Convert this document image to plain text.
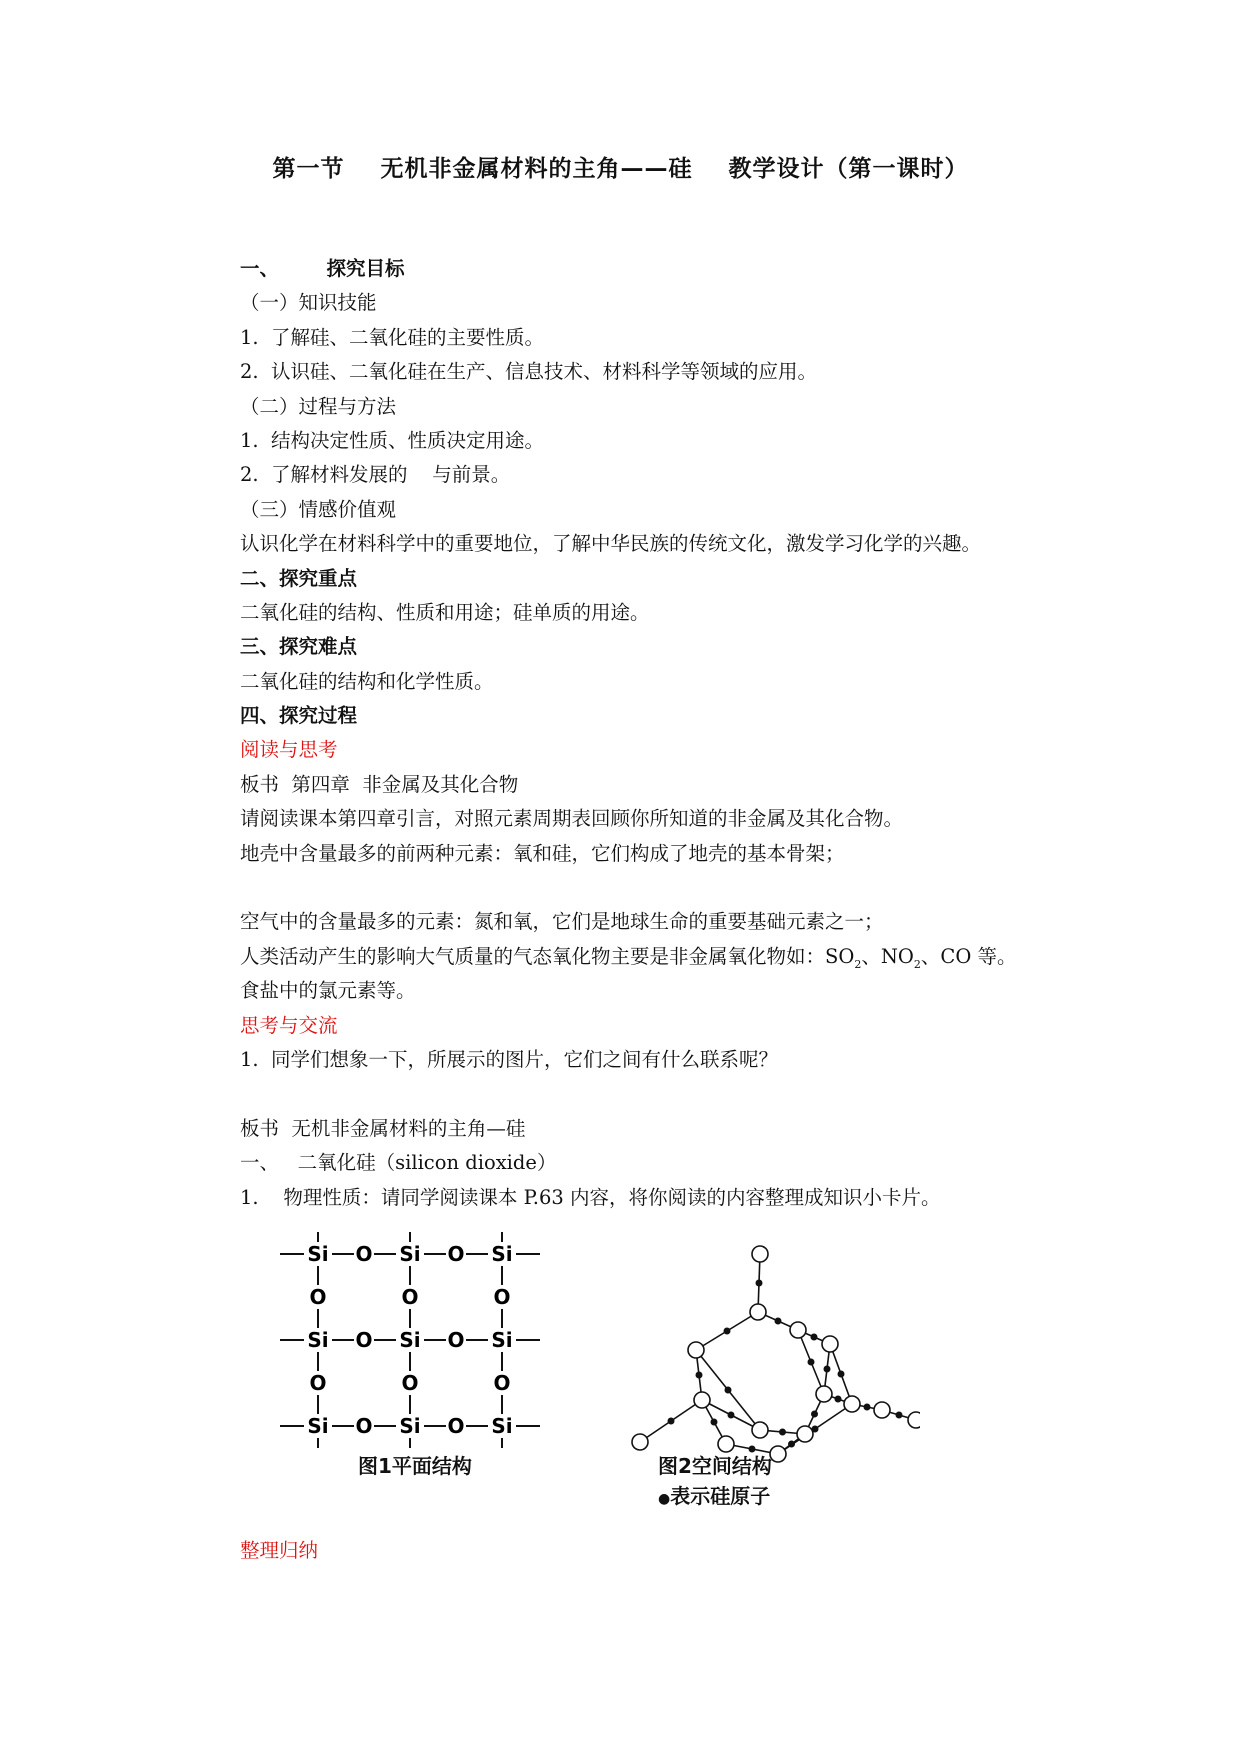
第一节    无机非金属材料的主角——硅    教学设计（第一课时）
一、       探究目标
（一）知识技能
1.  了解硅、二氧化硅的主要性质。
2.  认识硅、二氧化硅在生产、信息技术、材料科学等领域的应用。
（二）过程与方法
1.  结构决定性质、性质决定用途。
2.  了解材料发展的    与前景。
（三）情感价值观
认识化学在材料科学中的重要地位，了解中华民族的传统文化，激发学习化学的兴趣。
二、探究重点
二氧化硅的结构、性质和用途；硅单质的用途。
三、探究难点
二氧化硅的结构和化学性质。
四、探究过程
阅读与思考
板书  第四章  非金属及其化合物
请阅读课本第四章引言，对照元素周期表回顾你所知道的非金属及其化合物。
地壳中含量最多的前两种元素：氧和硅，它们构成了地壳的基本骨架；
空气中的含量最多的元素：氮和氧，它们是地球生命的重要基础元素之一；
人类活动产生的影响大气质量的气态氧化物主要是非金属氧化物如：$SO_2$、$NO_2$、CO 等。
食盐中的氯元素等。
思考与交流
1.  同学们想象一下，所展示的图片，它们之间有什么联系呢？
板书  无机非金属材料的主角—硅
一、   二氧化硅（silicon dioxide）
1.    物理性质：请同学阅读课本 P.63 内容，将你阅读的内容整理成知识小卡片。
Si
Si
Si
Si
Si
Si
Si
Si
Si
O	O
O	O
O	O
O
O
O
O
O
O
图1平面结构	图2空间结构
●表示硅原子
整理归纳
